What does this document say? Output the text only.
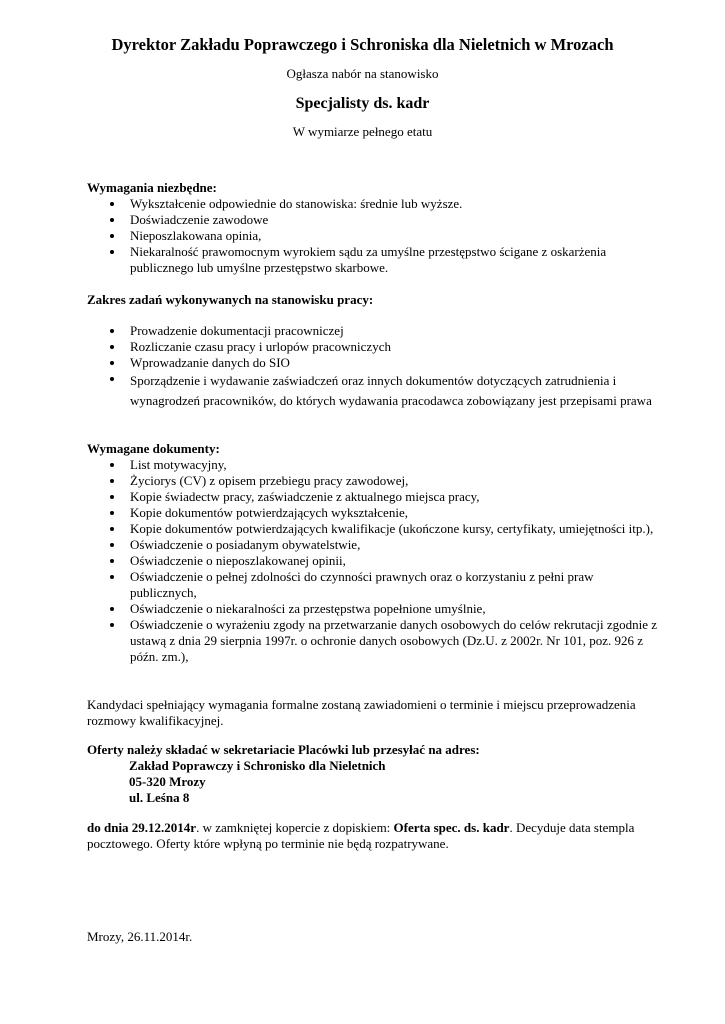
Dyrektor Zakładu Poprawczego i Schroniska dla Nieletnich w Mrozach
Ogłasza nabór na stanowisko
Specjalisty ds. kadr
W wymiarze pełnego etatu
Wymagania niezbędne:
Wykształcenie odpowiednie do stanowiska: średnie lub wyższe.
Doświadczenie zawodowe
Nieposzlakowana opinia,
Niekaralność prawomocnym wyrokiem sądu za umyślne przestępstwo ścigane z oskarżenia publicznego lub umyślne przestępstwo skarbowe.
Zakres zadań wykonywanych na stanowisku pracy:
Prowadzenie dokumentacji pracowniczej
Rozliczanie czasu pracy i urlopów pracowniczych
Wprowadzanie danych do SIO
Sporządzenie i wydawanie zaświadczeń oraz innych dokumentów dotyczących zatrudnienia i wynagrodzeń pracowników, do których wydawania pracodawca zobowiązany jest przepisami prawa
Wymagane dokumenty:
List motywacyjny,
Życiorys (CV) z opisem przebiegu pracy zawodowej,
Kopie świadectw pracy, zaświadczenie z aktualnego miejsca pracy,
Kopie dokumentów potwierdzających wykształcenie,
Kopie dokumentów potwierdzających kwalifikacje (ukończone kursy, certyfikaty, umiejętności itp.),
Oświadczenie o posiadanym obywatelstwie,
Oświadczenie o nieposzlakowanej opinii,
Oświadczenie o pełnej zdolności do czynności prawnych oraz o korzystaniu z pełni praw publicznych,
Oświadczenie o niekaralności za przestępstwa popełnione umyślnie,
Oświadczenie o wyrażeniu zgody na przetwarzanie danych osobowych do celów rekrutacji zgodnie z ustawą z dnia 29 sierpnia 1997r. o ochronie danych osobowych (Dz.U. z 2002r. Nr 101, poz. 926 z późn. zm.),
Kandydaci spełniający wymagania formalne zostaną zawiadomieni o terminie i miejscu przeprowadzenia rozmowy kwalifikacyjnej.
Oferty należy składać w sekretariacie Placówki lub przesyłać na adres:
Zakład Poprawczy i Schronisko dla Nieletnich
05-320 Mrozy
ul. Leśna 8
do dnia 29.12.2014r. w zamkniętej kopercie z dopiskiem: Oferta spec. ds. kadr. Decyduje data stempla pocztowego. Oferty które wpłyną po terminie nie będą rozpatrywane.
Mrozy, 26.11.2014r.
